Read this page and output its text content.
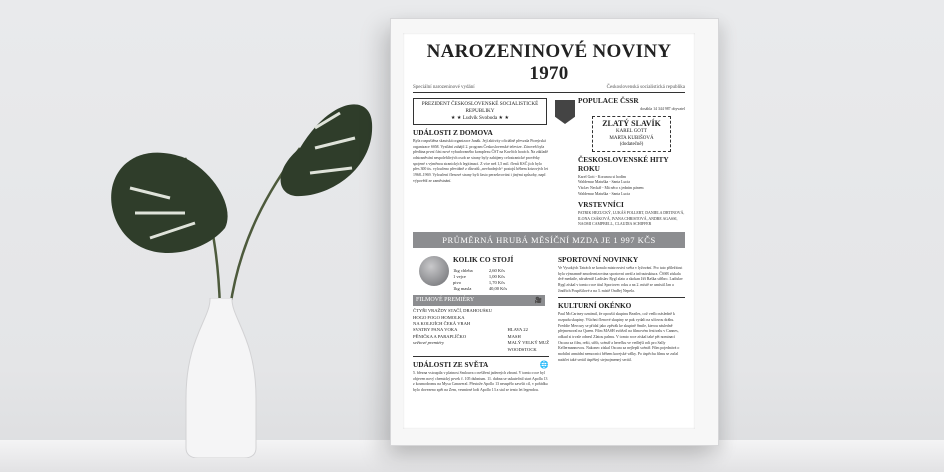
NAROZENINOVÉ NOVINY 1970
Speciální narozeninové vydání	Československá socialistická republika
PREZIDENT ČESKOSLOVENSKÉ SOCIALISTICKÉ REPUBLIKY
★ ★ Ludvík Svoboda ★ ★
UDÁLOSTI Z DOMOVA
Byla rozpuštěna skautská organizace Junák. Její aktivity oficiálně převzala Pionýrská organizace SSM. Vysílání zahájil 2. program Československé televize. Zároveň byla předána první část nové vybudovaného komplexu ČST na Kavčích horách. Na základě odstraněvání nespolehlivých osob ze strany byly zahájeny celostranické prověrky spojené s výměnou stranických legitimací. Z více než 1,5 mil. členů KSČ jich bylo přes 300 tis. vyloučeno převážně z důvodů „nevhodných“ postojů během krizových let 1968–1969. Vyloučení členové strany byli často perzekvováni i jinými způsoby, např. výpovědí ze zaměstnání.
POPULACE ČSSR
dosáhla 14 344 987 obyvatel
ZLATÝ SLAVÍK
KAREL GOTT
MARTA KUBIŠOVÁ
(dodatečně)
ČESKOSLOVENSKÉ HITY ROKU
Karel Gott - Korunou si hodím
Waldemar Matuška - Santa Lucia
Václav Neckář - Má něco s jedním pánem
Waldemar Matuška - Santa Lucia
VRSTEVNÍCI
PATRIK HEZUCKÝ, LUKÁŠ POLLERT, DANIELA DRTINOVÁ, ILONA CSÁKOVÁ, IVANA CHRISTOVÁ, ANDRE AGASSI, NAOMI CAMPBELL, CLAUDIA SCHIFFER
PRŮMĚRNÁ HRUBÁ MĚSÍČNÍ MZDA JE 1 997 KČS
KOLIK CO STOJÍ
1kg chleba	2,60 Kčs
1 vejce	1,00 Kčs
pivo	1,70 Kčs
1kg masla	40,00 Kčs
FILMOVÉ PREMIÉRY	🎥
ČTYŘI VRAŽDY STAČÍ, DRAHOUŠKU
HOGO FOGO HOMOLKA
NA KOLEJÍCH ČEKÁ VRAH
SVATBY PANA VOKA	HLAVA 22
PĚNIČKA A PARAPLÍČKO	MASH
světové premiéry	MALÝ VELKÝ MUŽ
WOODSTOCK
UDÁLOSTI ZE SVĚTA	🌐
5. března vstoupila v platnost Smlouva o nešíření jaderných zbraní. V tomto roce byl objeven nový chemický prvek č. 105 dubnium. 11. dubna se uskutečnil start Apolla 13 z kosmodromu na Mysu Canaveral. Přestože Apollo 13 neuspělo završit cíl, v pořádku bylo dovezeno zpět na Zem, vesmírné lodi Apollo 13 a stal se tento let legendou.
SPORTOVNÍ NOVINKY
Ve Vysokých Tatrách se konalo mistrovství světa v lyžování. Pro tuto příležitost byla významně zmodernizována sportovní areál a infrastruktura. ČSSR získala dvě medaile, sdruženář Ladislav Rygl zlato a skokan Jiří Raška stříbro. Ladislav Rygl získal v tomto roce titul Sportovec roku a na 2. místě se umístil Jan a Jindřich Pospíšilové a na 3. místě Ondřej Nepela.
KULTURNÍ OKÉNKO
Paul McCartney oznámil, že opouští skupinu Beatles, což vedlo následně k rozpadu skupiny. Všichni členové skupiny se pak vydali na sólovou dráhu. Freddie Mercury se přidal jako zpěvák ke skupině Smile, kterou následně přejmenoval na Queen. Film MASH zvítězil na filmovém festivalu v Cannes, odkud si trvale odnesl Zlatou palmu. V tomto roce získal také pět nominací Oscara za film, režii, střih, scénář a herečku ve vedlejší roli pro Sally Kellermannovou. Nakonec získal Oscara za nejlepší scénář. Film pojednává o mobilní armádní nemocnici během korejské války. Po úspěchu filmu se začal natáčet také seriál úspěšný stejnojmenný seriál.
